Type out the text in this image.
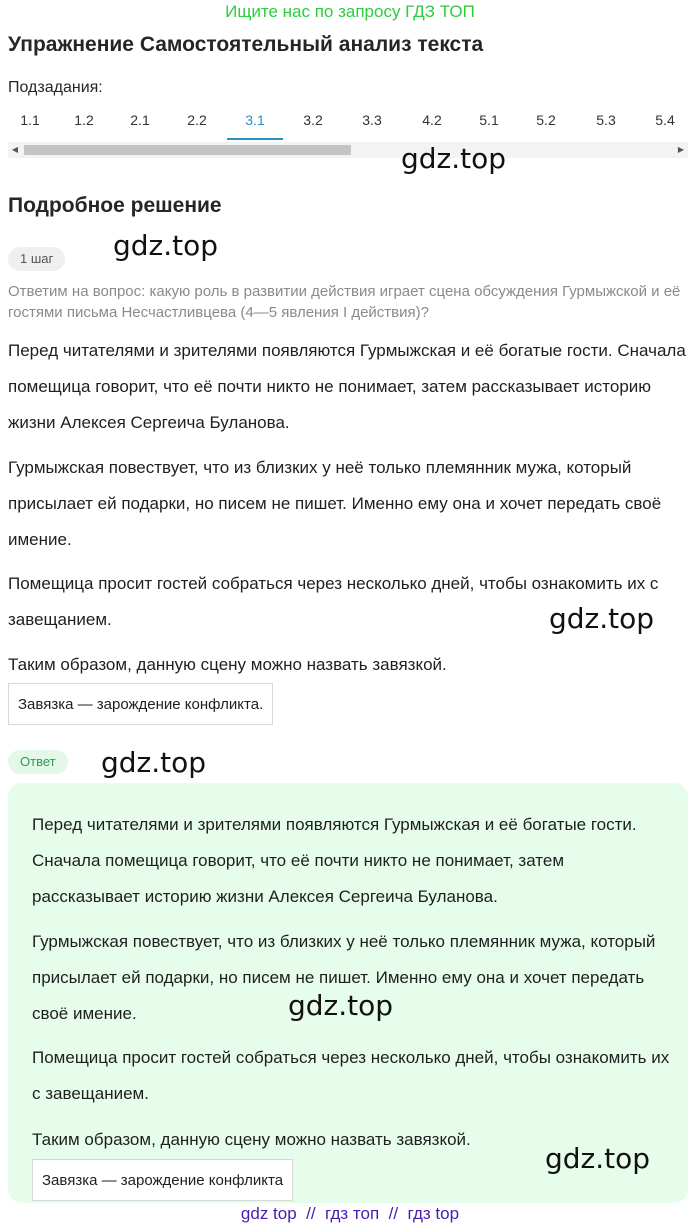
Ищите нас по запросу ГДЗ ТОП
Упражнение Самостоятельный анализ текста
Подзадания:
1.1	1.2	2.1	2.2	3.1	3.2	3.3	4.2	5.1	5.2	5.3	5.4
◀	▶
gdz.top
Подробное решение
1 шаг	gdz.top
Ответим на вопрос: какую роль в развитии действия играет сцена обсуждения Гурмыжской и её гостями письма Несчастливцева (4—5 явления I действия)?
Перед читателями и зрителями появляются Гурмыжская и её богатые гости. Сначала помещица говорит, что её почти никто не понимает, затем рассказывает историю жизни Алексея Сергеича Буланова.
Гурмыжская повествует, что из близких у неё только племянник мужа, который присылает ей подарки, но писем не пишет. Именно ему она и хочет передать своё имение.
Помещица просит гостей собраться через несколько дней, чтобы ознакомить их с завещанием.	gdz.top
Таким образом, данную сцену можно назвать завязкой.
Завязка — зарождение конфликта.
Ответ	gdz.top
Перед читателями и зрителями появляются Гурмыжская и её богатые гости. Сначала помещица говорит, что её почти никто не понимает, затем рассказывает историю жизни Алексея Сергеича Буланова.
Гурмыжская повествует, что из близких у неё только племянник мужа, который присылает ей подарки, но писем не пишет. Именно ему она и хочет передать своё имение.
Помещица просит гостей собраться через несколько дней, чтобы ознакомить их с завещанием.
Таким образом, данную сцену можно назвать завязкой.
Завязка — зарождение конфликта
gdz.top
gdz.top
gdz top // гдз топ // гдз top
